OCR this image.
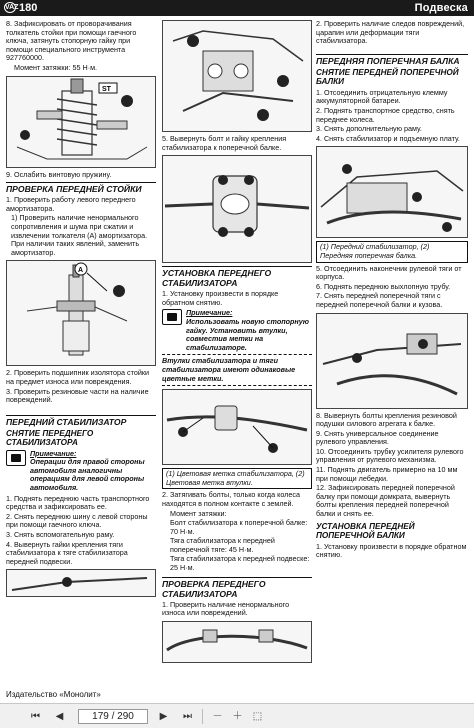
VAZ180	Подвеска
8. Зафиксировать от проворачивания толкатель стойки при помощи гаечного ключа, затянуть стопорную гайку при помощи специального инструмента 927760000.
Момент затяжки: 55 Н·м.
ST
9. Ослабить винтовую пружину.
ПРОВЕРКА ПЕРЕДНЕЙ СТОЙКИ
1. Проверить работу левого переднего амортизатора.
1) Проверить наличие ненормального сопротивления и шума при сжатии и извлечении толкателя (A) амортизатора. При наличии таких явлений, заменить амортизатор.
A
2. Проверить подшипник изолятора стойки на предмет износа или повреждения.
3. Проверить резиновые части на наличие повреждений.
ПЕРЕДНИЙ СТАБИЛИЗАТОР
СНЯТИЕ ПЕРЕДНЕГО СТАБИЛИЗАТОРА
Примечание:
Операции для правой стороны автомобиля аналогичны операциям для левой стороны автомобиля.
1. Поднять переднюю часть транспортного средства и зафиксировать ее.
2. Снять переднюю шину с левой стороны при помощи гаечного ключа.
3. Снять вспомогательную раму.
4. Вывернуть гайки крепления тяги стабилизатора к тяге стабилизатора передней подвески.
5. Вывернуть болт и гайку крепления стабилизатора к поперечной балке.
УСТАНОВКА ПЕРЕДНЕГО СТАБИЛИЗАТОРА
1. Установку произвести в порядке обратном снятию.
Примечание:
Использовать новую стопорную гайку. Установить втулки, совместив метки на стабилизаторе.
Втулки стабилизатора и тяги стабилизатора имеют одинаковые цветные метки.
(1) Цветовая метка стабилизатора, (2) Цветовая метка втулки.
2. Затягивать болты, только когда колеса находятся в полном контакте с землей.
Момент затяжки:
Болт стабилизатора к поперечной балке: 70 Н·м.
Тяга стабилизатора к передней поперечной тяге: 45 Н·м.
Тяга стабилизатора к передней подвеске: 25 Н·м.
ПРОВЕРКА ПЕРЕДНЕГО СТАБИЛИЗАТОРА
1. Проверить наличие ненормального износа или повреждений.
2. Проверить наличие следов повреждений, царапин или деформации тяги стабилизатора.
ПЕРЕДНЯЯ ПОПЕРЕЧНАЯ БАЛКА
СНЯТИЕ ПЕРЕДНЕЙ ПОПЕРЕЧНОЙ БАЛКИ
1. Отсоединить отрицательную клемму аккумуляторной батареи.
2. Поднять транспортное средство, снять переднее колеса.
3. Снять дополнительную раму.
4. Снять стабилизатор и подъемную плату.
(1) Передний стабилизатор, (2) Передняя поперечная балка.
5. Отсоединить наконечник рулевой тяги от корпуса.
6. Поднять переднюю выхлопную трубу.
7. Снять передней поперечной тяги с передней поперечной балки и кузова.
8. Вывернуть болты крепления резиновой подушки силового агрегата к балке.
9. Снять универсальное соединение рулевого управления.
10. Отсоединить трубку усилителя рулевого управления от рулевого механизма.
11. Поднять двигатель примерно на 10 мм при помощи лебедки.
12. Зафиксировать передней поперечной балку при помощи домкрата, вывернуть болты крепления передней поперечной балки и снять ее.
УСТАНОВКА ПЕРЕДНЕЙ ПОПЕРЕЧНОЙ БАЛКИ
1. Установку произвести в порядке обратном снятию.
Издательство «Монолит»
⏮	◀	179 / 290	▶	⏭	－ ＋ ⬚
